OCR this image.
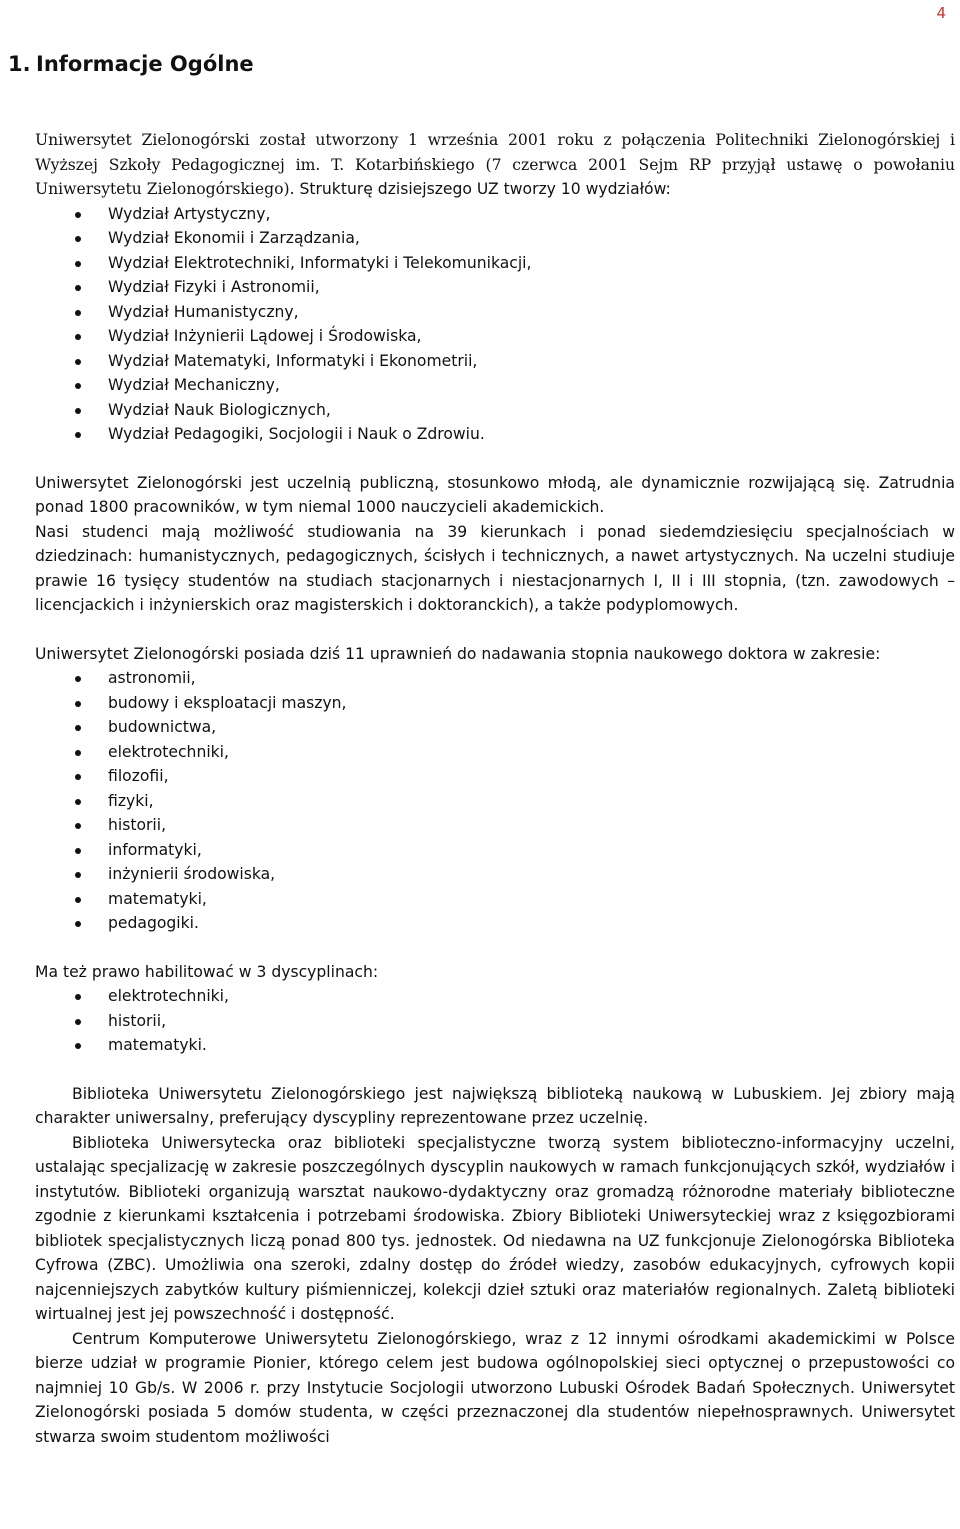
4
1. Informacje Ogólne

Uniwersytet Zielonogórski został utworzony 1 września 2001 roku z połączenia Politechniki Zielonogórskiej i Wyższej Szkoły Pedagogicznej im. T. Kotarbińskiego (7 czerwca 2001 Sejm RP przyjął ustawę o powołaniu Uniwersytetu Zielonogórskiego). Strukturę dzisiejszego UZ tworzy 10 wydziałów:

Wydział Artystyczny,
Wydział Ekonomii i Zarządzania,
Wydział Elektrotechniki, Informatyki i Telekomunikacji,
Wydział Fizyki i Astronomii,
Wydział Humanistyczny,
Wydział Inżynierii Lądowej i Środowiska,
Wydział Matematyki, Informatyki i Ekonometrii,
Wydział Mechaniczny,
Wydział Nauk Biologicznych,
Wydział Pedagogiki, Socjologii i Nauk o Zdrowiu.

Uniwersytet Zielonogórski jest uczelnią publiczną, stosunkowo młodą, ale dynamicznie rozwijającą się. Zatrudnia ponad 1800 pracowników, w tym niemal 1000 nauczycieli akademickich.

Nasi studenci mają możliwość studiowania na 39 kierunkach i ponad siedemdziesięciu specjalnościach w dziedzinach: humanistycznych, pedagogicznych, ścisłych i technicznych, a nawet artystycznych. Na uczelni studiuje prawie 16 tysięcy studentów na studiach stacjonarnych i niestacjonarnych I, II i III stopnia, (tzn. zawodowych – licencjackich i inżynierskich oraz magisterskich i doktoranckich), a także podyplomowych.

Uniwersytet Zielonogórski posiada dziś 11 uprawnień do nadawania stopnia naukowego doktora w zakresie:

astronomii,
budowy i eksploatacji maszyn,
budownictwa,
elektrotechniki,
filozofii,
fizyki,
historii,
informatyki,
inżynierii środowiska,
matematyki,
pedagogiki.

Ma też prawo habilitować w 3 dyscyplinach:

elektrotechniki,
historii,
matematyki.

Biblioteka Uniwersytetu Zielonogórskiego jest największą biblioteką naukową w Lubuskiem. Jej zbiory mają charakter uniwersalny, preferujący dyscypliny reprezentowane przez uczelnię.

Biblioteka Uniwersytecka oraz biblioteki specjalistyczne tworzą system biblioteczno-informacyjny uczelni, ustalając specjalizację w zakresie poszczególnych dyscyplin naukowych w ramach funkcjonujących szkół, wydziałów i instytutów. Biblioteki organizują warsztat naukowo-dydaktyczny oraz gromadzą różnorodne materiały biblioteczne zgodnie z kierunkami kształcenia i potrzebami środowiska. Zbiory Biblioteki Uniwersyteckiej wraz z księgozbiorami bibliotek specjalistycznych liczą ponad 800 tys. jednostek. Od niedawna na UZ funkcjonuje Zielonogórska Biblioteka Cyfrowa (ZBC). Umożliwia ona szeroki, zdalny dostęp do źródeł wiedzy, zasobów edukacyjnych, cyfrowych kopii najcenniejszych zabytków kultury piśmienniczej, kolekcji dzieł sztuki oraz materiałów regionalnych. Zaletą biblioteki wirtualnej jest jej powszechność i dostępność.

Centrum Komputerowe Uniwersytetu Zielonogórskiego, wraz z 12 innymi ośrodkami akademickimi w Polsce bierze udział w programie Pionier, którego celem jest budowa ogólnopolskiej sieci optycznej o przepustowości co najmniej 10 Gb/s. W 2006 r. przy Instytucie Socjologii utworzono Lubuski Ośrodek Badań Społecznych. Uniwersytet Zielonogórski posiada 5 domów studenta, w części przeznaczonej dla studentów niepełnosprawnych. Uniwersytet stwarza swoim studentom możliwości
